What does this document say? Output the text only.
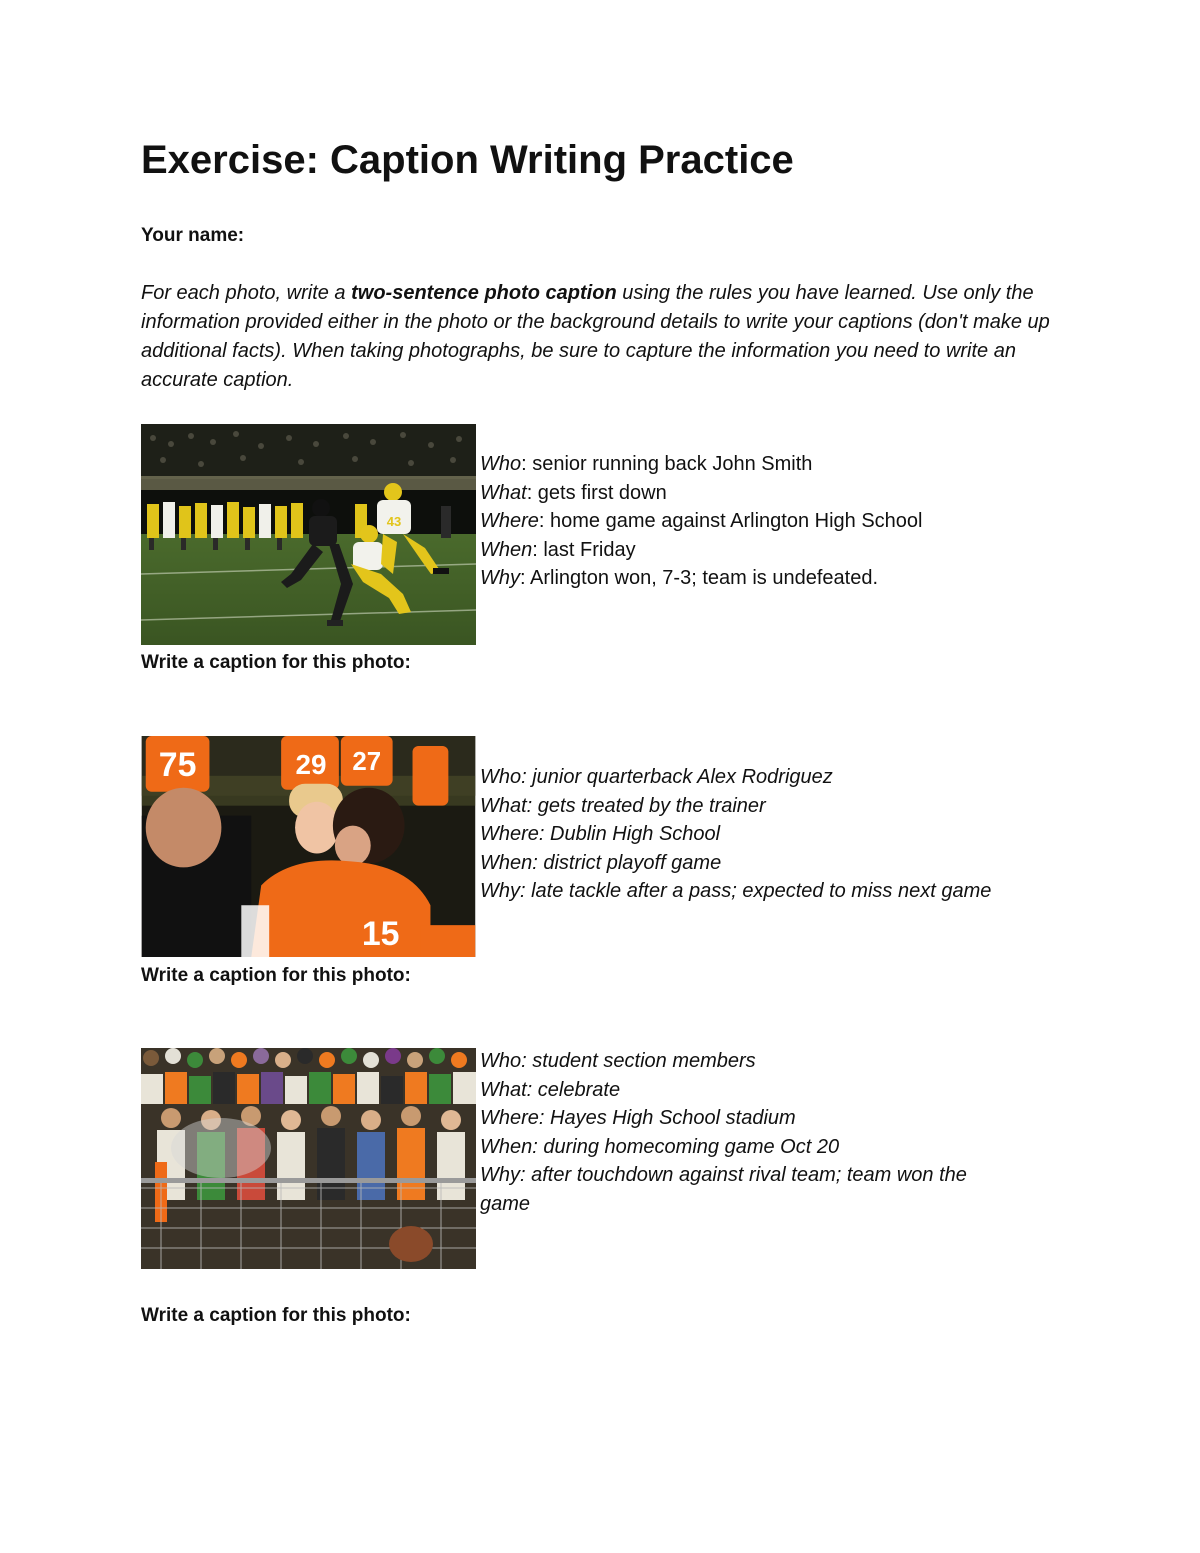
Exercise: Caption Writing Practice
Your name:
For each photo, write a two-sentence photo caption using the rules you have learned. Use only the information provided either in the photo or the background details to write your captions (don't make up additional facts). When taking photographs, be sure to capture the information you need to write an accurate caption.
43
Who: senior running back John Smith
What: gets first down
Where: home game against Arlington High School
When: last Friday
Why: Arlington won, 7-3; team is undefeated.
Write a caption for this photo:
75	29 27
15
Who: junior quarterback Alex Rodriguez
What: gets treated by the trainer
Where: Dublin High School
When: district playoff game
Why: late tackle after a pass; expected to miss next game
Write a caption for this photo:
Who: student section members
What: celebrate
Where: Hayes High School stadium
When: during homecoming game Oct 20
Why: after touchdown against rival team; team won the game
Write a caption for this photo:
